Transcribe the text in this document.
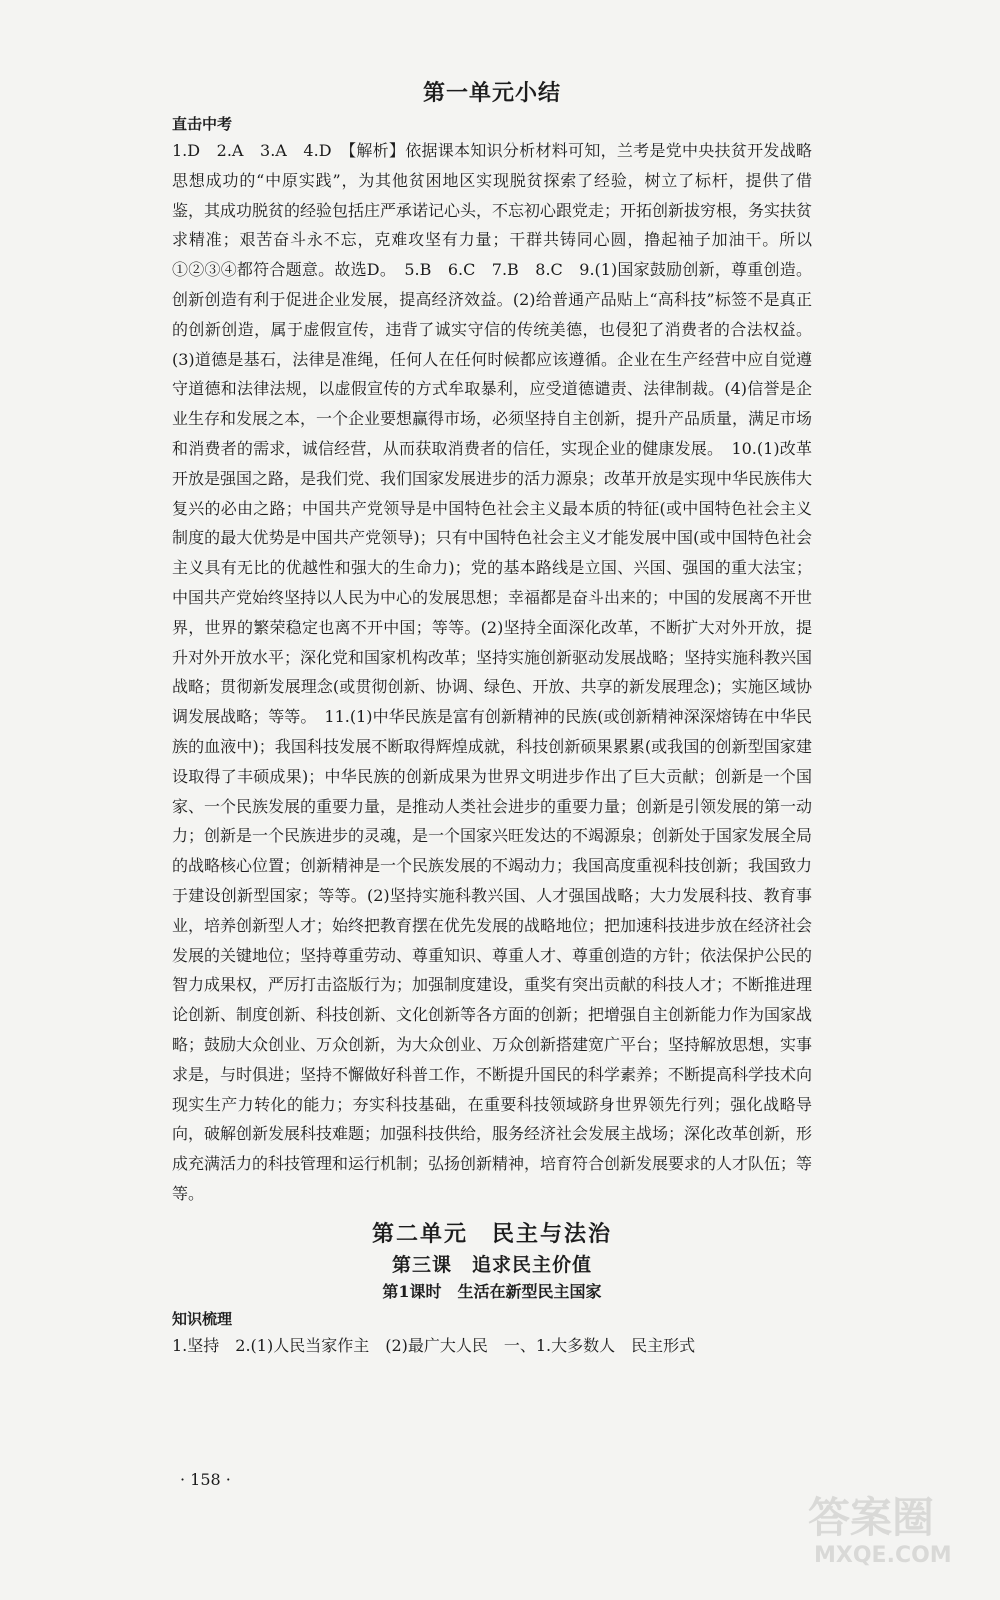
第一单元小结
直击中考

1.D　2.A　3.A　4.D　【解析】依据课本知识分析材料可知，兰考是党中央扶贫开发战略思想成功的“中原实践”，为其他贫困地区实现脱贫探索了经验，树立了标杆，提供了借鉴，其成功脱贫的经验包括庄严承诺记心头，不忘初心跟党走；开拓创新拔穷根，务实扶贫求精准；艰苦奋斗永不忘，克难攻坚有力量；干群共铸同心圆，撸起袖子加油干。所以①②③④都符合题意。故选D。　5.B　6.C　7.B　8.C　9.(1)国家鼓励创新，尊重创造。创新创造有利于促进企业发展，提高经济效益。(2)给普通产品贴上“高科技”标签不是真正的创新创造，属于虚假宣传，违背了诚实守信的传统美德，也侵犯了消费者的合法权益。(3)道德是基石，法律是准绳，任何人在任何时候都应该遵循。企业在生产经营中应自觉遵守道德和法律法规，以虚假宣传的方式牟取暴利，应受道德谴责、法律制裁。(4)信誉是企业生存和发展之本，一个企业要想赢得市场，必须坚持自主创新，提升产品质量，满足市场和消费者的需求，诚信经营，从而获取消费者的信任，实现企业的健康发展。　10.(1)改革开放是强国之路，是我们党、我们国家发展进步的活力源泉；改革开放是实现中华民族伟大复兴的必由之路；中国共产党领导是中国特色社会主义最本质的特征(或中国特色社会主义制度的最大优势是中国共产党领导)；只有中国特色社会主义才能发展中国(或中国特色社会主义具有无比的优越性和强大的生命力)；党的基本路线是立国、兴国、强国的重大法宝；中国共产党始终坚持以人民为中心的发展思想；幸福都是奋斗出来的；中国的发展离不开世界，世界的繁荣稳定也离不开中国；等等。(2)坚持全面深化改革，不断扩大对外开放，提升对外开放水平；深化党和国家机构改革；坚持实施创新驱动发展战略；坚持实施科教兴国战略；贯彻新发展理念(或贯彻创新、协调、绿色、开放、共享的新发展理念)；实施区域协调发展战略；等等。　11.(1)中华民族是富有创新精神的民族(或创新精神深深熔铸在中华民族的血液中)；我国科技发展不断取得辉煌成就，科技创新硕果累累(或我国的创新型国家建设取得了丰硕成果)；中华民族的创新成果为世界文明进步作出了巨大贡献；创新是一个国家、一个民族发展的重要力量，是推动人类社会进步的重要力量；创新是引领发展的第一动力；创新是一个民族进步的灵魂，是一个国家兴旺发达的不竭源泉；创新处于国家发展全局的战略核心位置；创新精神是一个民族发展的不竭动力；我国高度重视科技创新；我国致力于建设创新型国家；等等。(2)坚持实施科教兴国、人才强国战略；大力发展科技、教育事业，培养创新型人才；始终把教育摆在优先发展的战略地位；把加速科技进步放在经济社会发展的关键地位；坚持尊重劳动、尊重知识、尊重人才、尊重创造的方针；依法保护公民的智力成果权，严厉打击盗版行为；加强制度建设，重奖有突出贡献的科技人才；不断推进理论创新、制度创新、科技创新、文化创新等各方面的创新；把增强自主创新能力作为国家战略；鼓励大众创业、万众创新，为大众创业、万众创新搭建宽广平台；坚持解放思想，实事求是，与时俱进；坚持不懈做好科普工作，不断提升国民的科学素养；不断提高科学技术向现实生产力转化的能力；夯实科技基础，在重要科技领域跻身世界领先行列；强化战略导向，破解创新发展科技难题；加强科技供给，服务经济社会发展主战场；深化改革创新，形成充满活力的科技管理和运行机制；弘扬创新精神，培育符合创新发展要求的人才队伍；等等。

第二单元　民主与法治
第三课　追求民主价值
第1课时　生活在新型民主国家
知识梳理

1.坚持　2.(1)人民当家作主　(2)最广大人民　一、1.大多数人　民主形式

· 158 ·
答案圈
MXQE.COM
